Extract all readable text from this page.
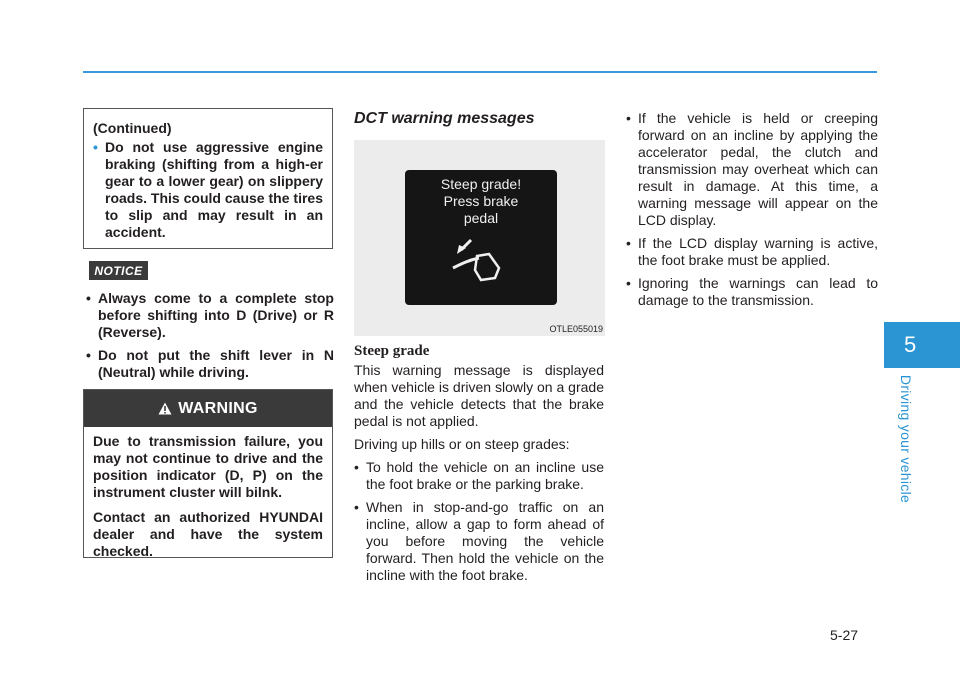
5
Driving your vehicle
(Continued)
• Do not use aggressive engine braking (shifting from a high-er gear to a lower gear) on slippery roads. This could cause the tires to slip and may result in an accident.
NOTICE
• Always come to a complete stop before shifting into D (Drive) or R (Reverse).
• Do not put the shift lever in N (Neutral) while driving.
WARNING

Due to transmission failure, you may not continue to drive and the position indicator (D, P) on the instrument cluster will bilnk.

Contact an authorized HYUNDAI dealer and have the system checked.

DCT warning messages
Steep grade!
Press brake
pedal
OTLE055019
Steep grade

This warning message is displayed when vehicle is driven slowly on a grade and the vehicle detects that the brake pedal is not applied.

Driving up hills or on steep grades:

• To hold the vehicle on an incline use the foot brake or the parking brake.
• When in stop-and-go traffic on an incline, allow a gap to form ahead of you before moving the vehicle forward. Then hold the vehicle on the incline with the foot brake.
• If the vehicle is held or creeping forward on an incline by applying the accelerator pedal, the clutch and transmission may overheat which can result in damage. At this time, a warning message will appear on the LCD display.
• If the LCD display warning is active, the foot brake must be applied.
• Ignoring the warnings can lead to damage to the transmission.
5-27
